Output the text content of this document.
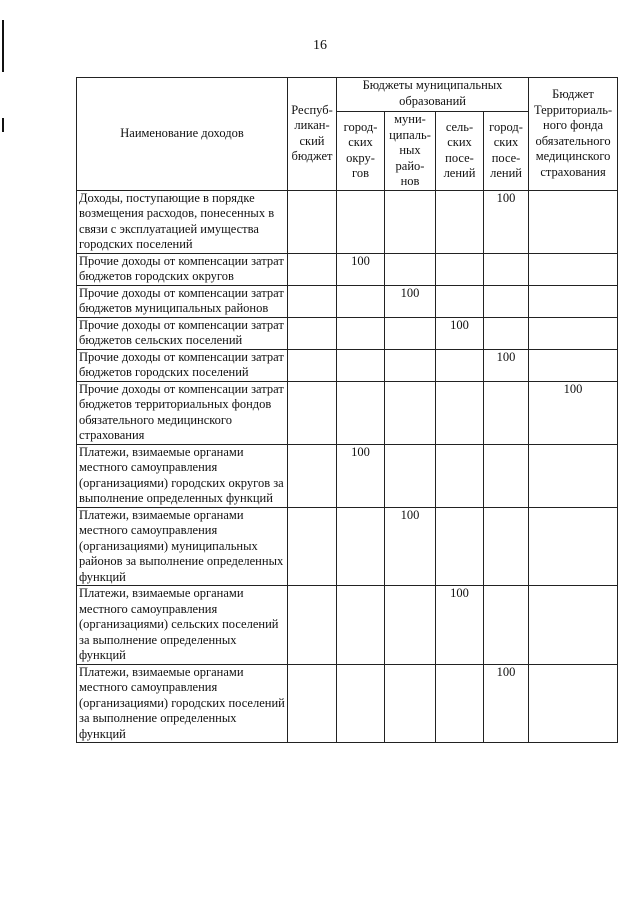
16
Наименование доходов	Респуб-ликан-ский бюджет	Бюджеты муниципальных образований				Бюджет Территориаль-ного фонда обязательного медицинского страхования
		город-ских окру-гов	муни-ципаль-ных райо-нов	сель-ских посе-лений	город-ских посе-лений	
Доходы, поступающие в порядке возмещения расходов, понесенных в связи с эксплуатацией имущества городских поселений					100	
Прочие доходы от компенсации затрат бюджетов городских округов		100				
Прочие доходы от компенсации затрат бюджетов муниципальных районов			100			
Прочие доходы от компенсации затрат бюджетов сельских поселений				100		
Прочие доходы от компенсации затрат бюджетов городских поселений					100	
Прочие доходы от компенсации затрат бюджетов территориальных фондов обязательного медицинского страхования						100
Платежи, взимаемые органами местного самоуправления (организациями) городских округов за выполнение определенных функций		100				
Платежи, взимаемые органами местного самоуправления (организациями) муниципальных районов за выполнение определенных функций			100			
Платежи, взимаемые органами местного самоуправления (организациями) сельских поселений за выполнение определенных функций				100		
Платежи, взимаемые органами местного самоуправления (организациями) городских поселений за выполнение определенных функций					100	
